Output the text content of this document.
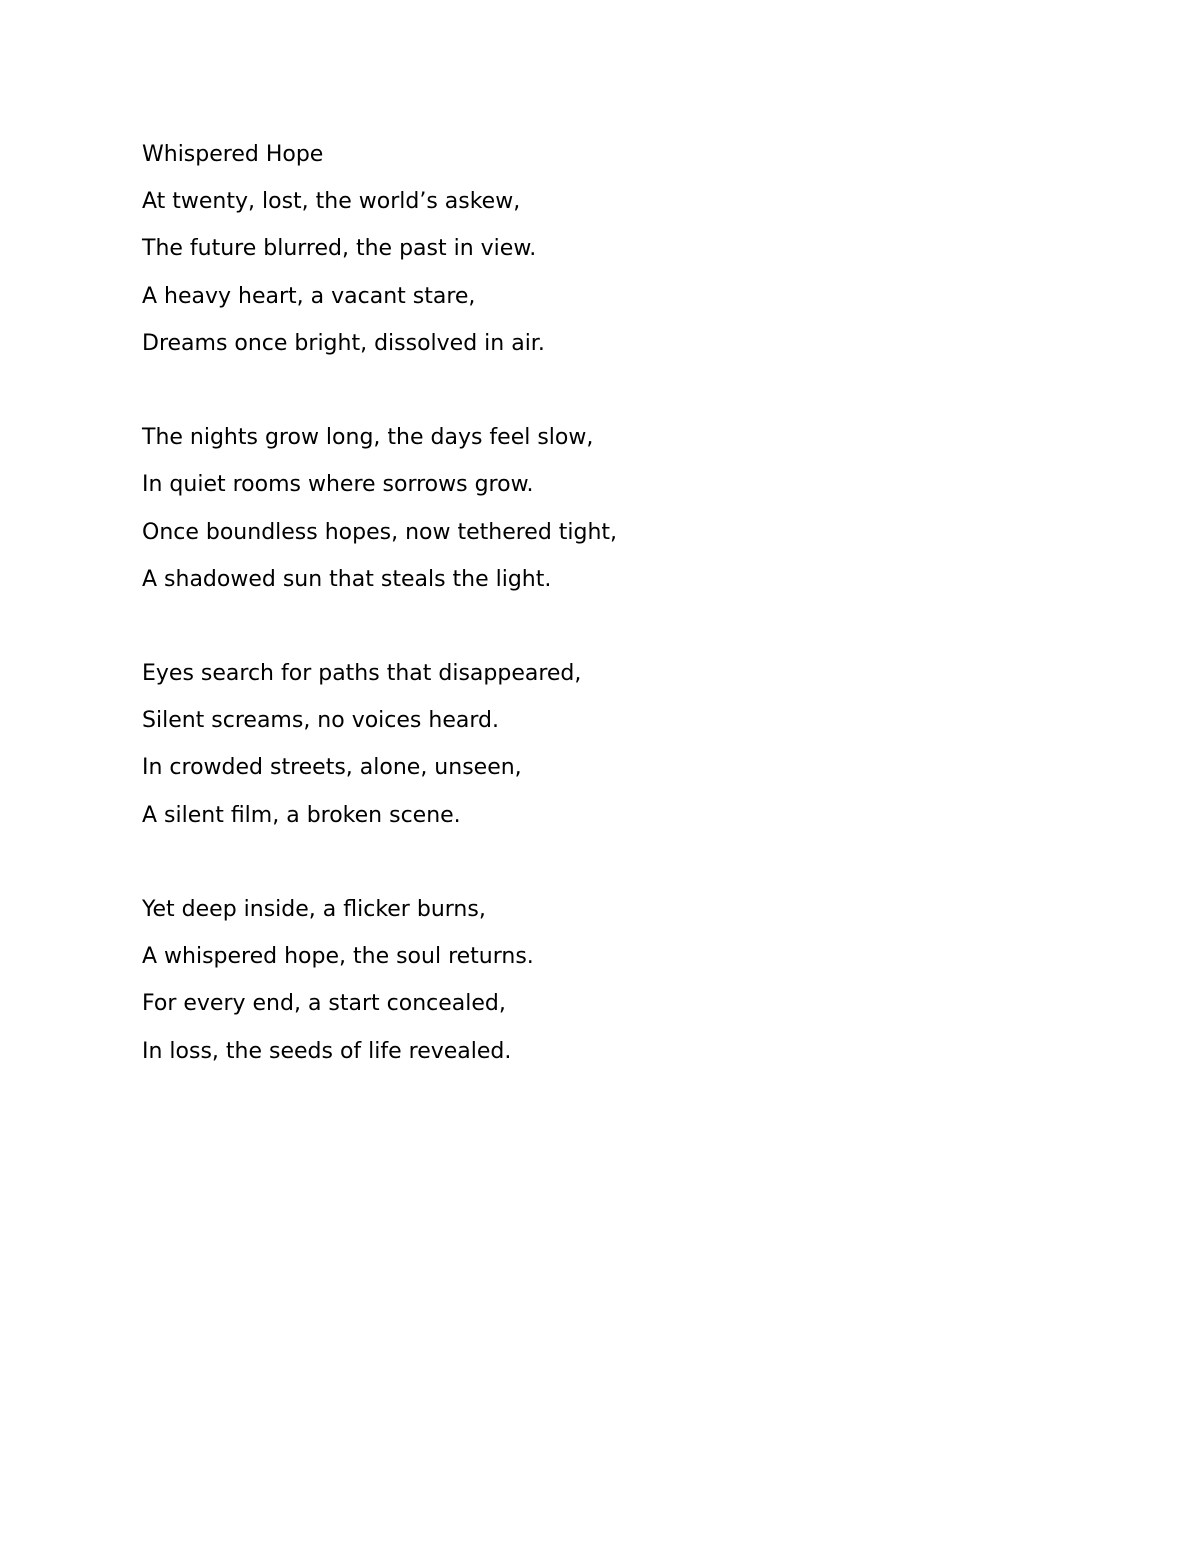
Whispered Hope
At twenty, lost, the world’s askew,
The future blurred, the past in view.
A heavy heart, a vacant stare,
Dreams once bright, dissolved in air.
The nights grow long, the days feel slow,
In quiet rooms where sorrows grow.
Once boundless hopes, now tethered tight,
A shadowed sun that steals the light.
Eyes search for paths that disappeared,
Silent screams, no voices heard.
In crowded streets, alone, unseen,
A silent film, a broken scene.
Yet deep inside, a flicker burns,
A whispered hope, the soul returns.
For every end, a start concealed,
In loss, the seeds of life revealed.
